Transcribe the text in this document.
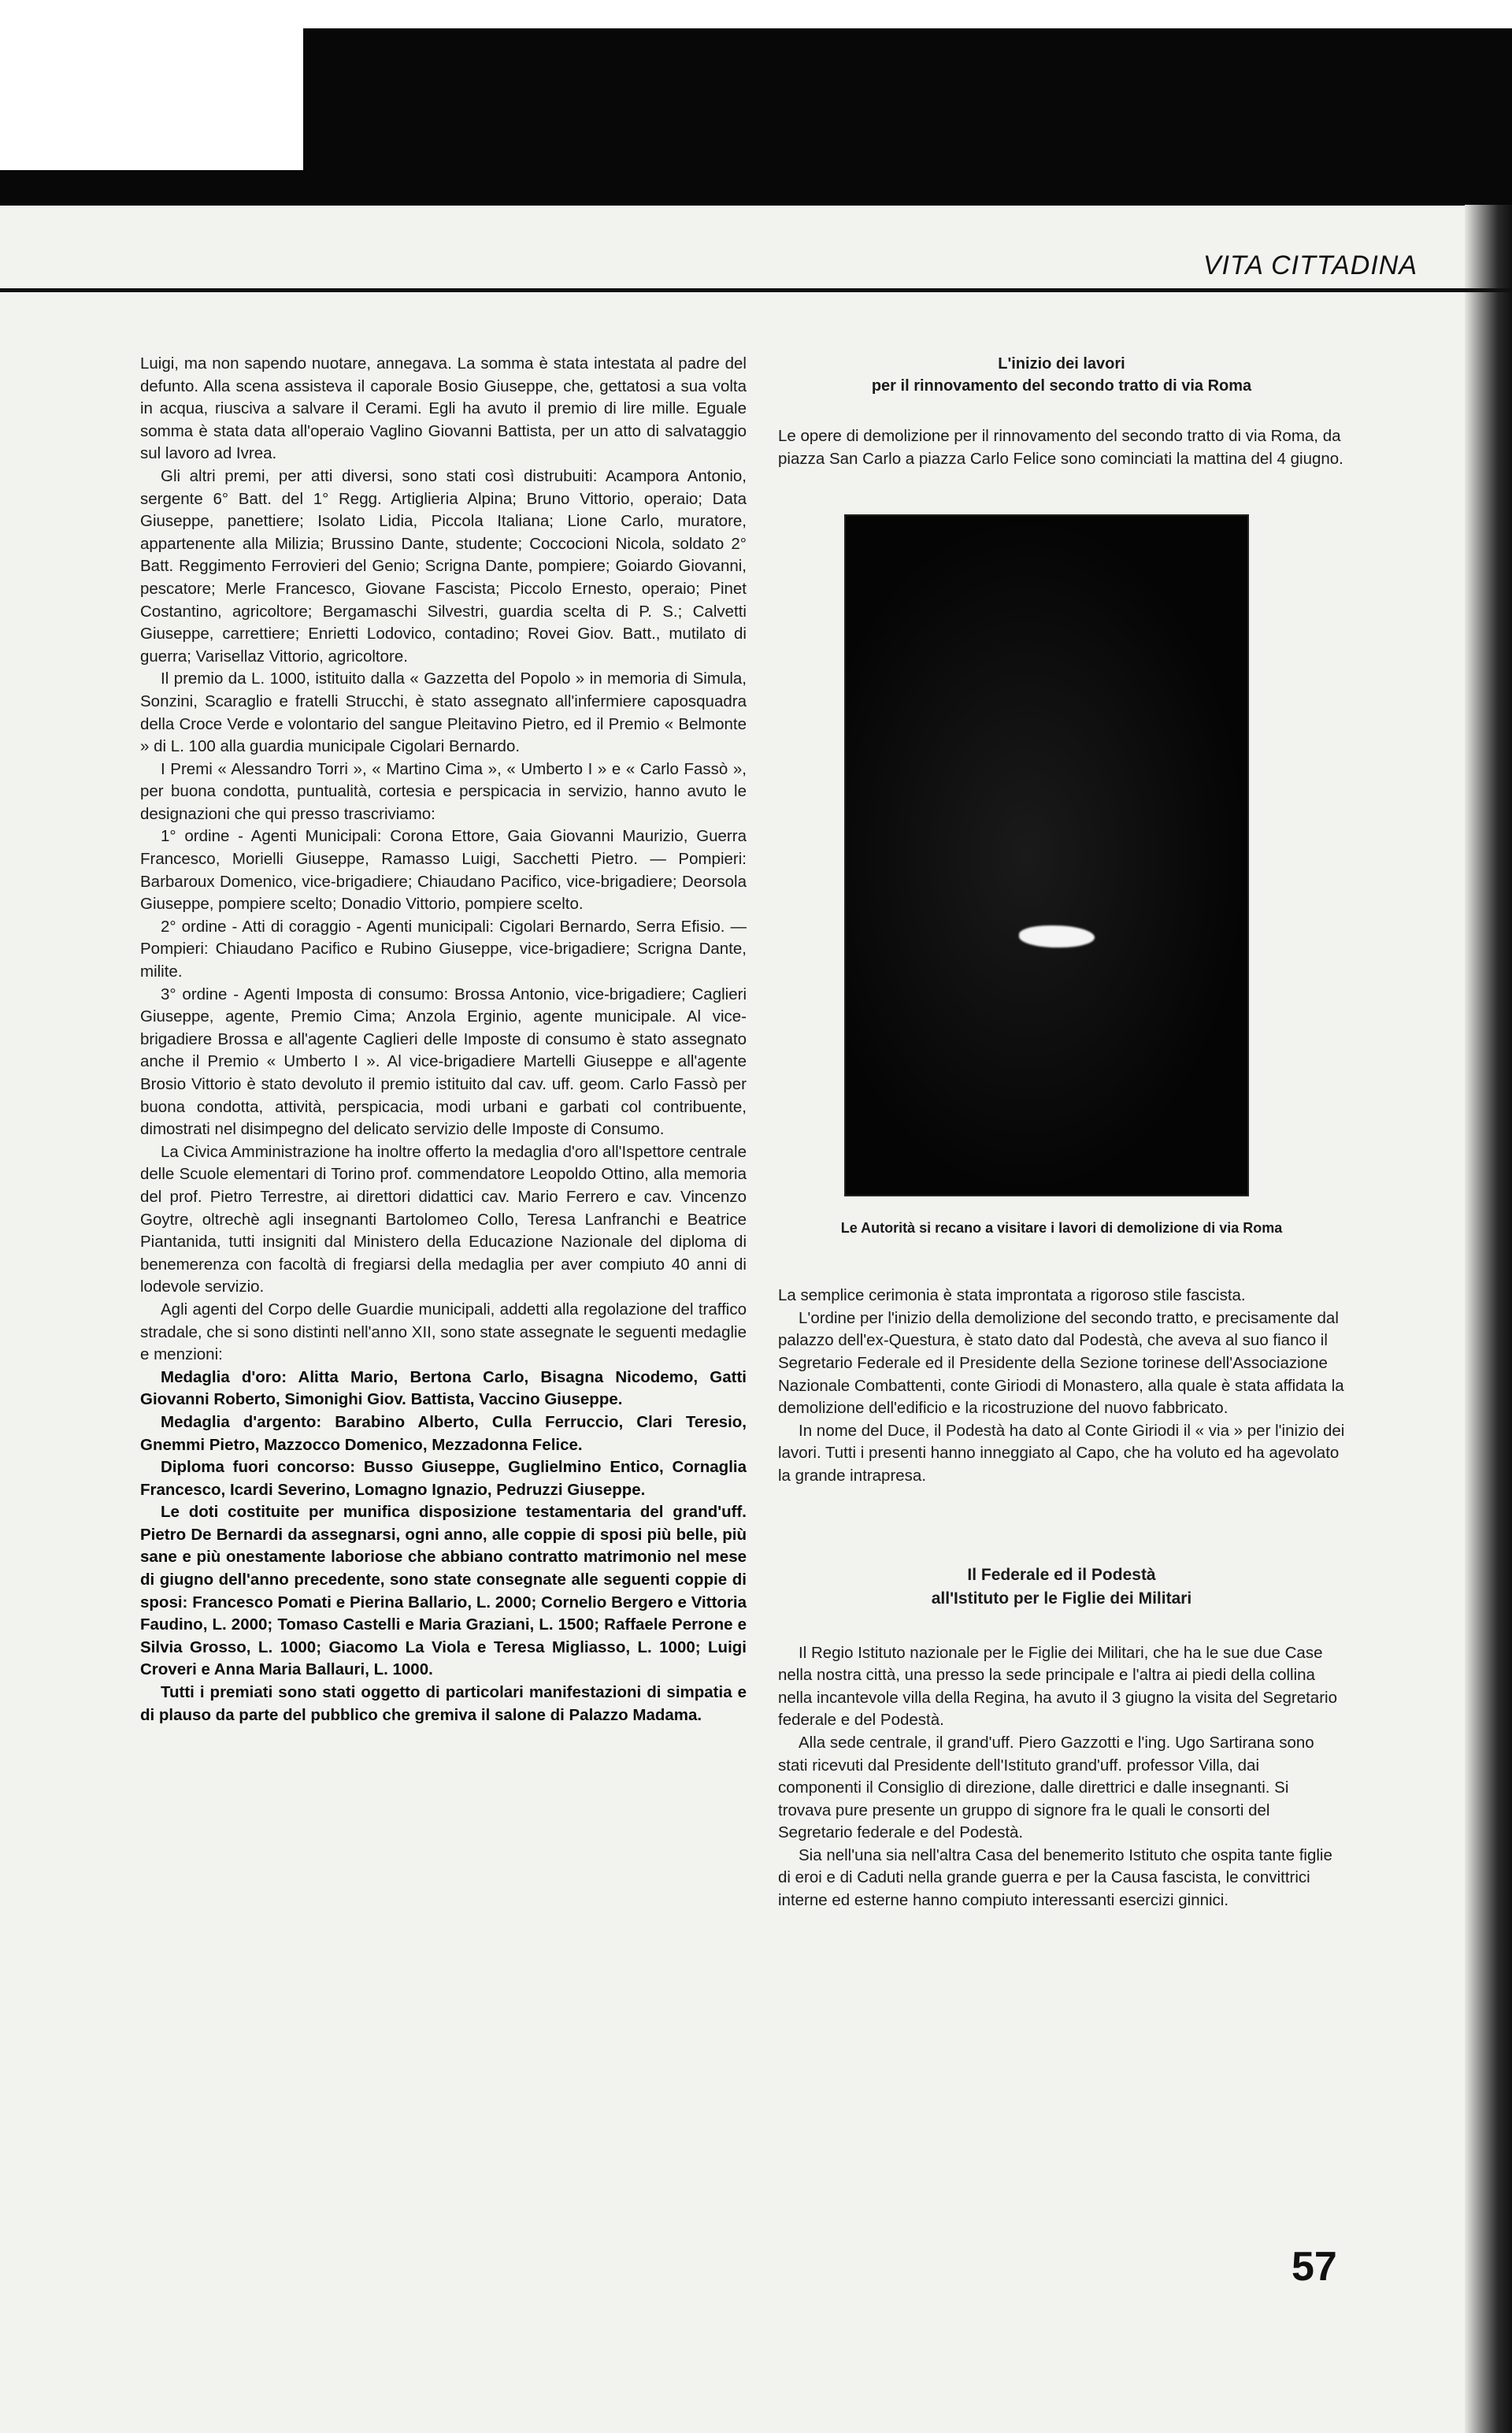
VITA CITTADINA

Luigi, ma non sapendo nuotare, annegava. La somma è stata intestata al padre del defunto. Alla scena assisteva il caporale Bosio Giuseppe, che, gettatosi a sua volta in acqua, riusciva a salvare il Cerami. Egli ha avuto il premio di lire mille. Eguale somma è stata data all'operaio Vaglino Giovanni Battista, per un atto di salvataggio sul lavoro ad Ivrea.

Gli altri premi, per atti diversi, sono stati così distrubuiti: Acampora Antonio, sergente 6° Batt. del 1° Regg. Artiglieria Alpina; Bruno Vittorio, operaio; Data Giuseppe, panettiere; Isolato Lidia, Piccola Italiana; Lione Carlo, muratore, appartenente alla Milizia; Brussino Dante, studente; Coccocioni Nicola, soldato 2° Batt. Reggimento Ferrovieri del Genio; Scrigna Dante, pompiere; Goiardo Giovanni, pescatore; Merle Francesco, Giovane Fascista; Piccolo Ernesto, operaio; Pinet Costantino, agricoltore; Bergamaschi Silvestri, guardia scelta di P. S.; Calvetti Giuseppe, carrettiere; Enrietti Lodovico, contadino; Rovei Giov. Batt., mutilato di guerra; Varisellaz Vittorio, agricoltore.

Il premio da L. 1000, istituito dalla « Gazzetta del Popolo » in memoria di Simula, Sonzini, Scaraglio e fratelli Strucchi, è stato assegnato all'infermiere caposquadra della Croce Verde e volontario del sangue Pleitavino Pietro, ed il Premio « Belmonte » di L. 100 alla guardia municipale Cigolari Bernardo.

I Premi « Alessandro Torri », « Martino Cima », « Umberto I » e « Carlo Fassò », per buona condotta, puntualità, cortesia e perspicacia in servizio, hanno avuto le designazioni che qui presso trascriviamo:

1° ordine - Agenti Municipali: Corona Ettore, Gaia Giovanni Maurizio, Guerra Francesco, Morielli Giuseppe, Ramasso Luigi, Sacchetti Pietro. — Pompieri: Barbaroux Domenico, vice-brigadiere; Chiaudano Pacifico, vice-brigadiere; Deorsola Giuseppe, pompiere scelto; Donadio Vittorio, pompiere scelto.

2° ordine - Atti di coraggio - Agenti municipali: Cigolari Bernardo, Serra Efisio. — Pompieri: Chiaudano Pacifico e Rubino Giuseppe, vice-brigadiere; Scrigna Dante, milite.

3° ordine - Agenti Imposta di consumo: Brossa Antonio, vice-brigadiere; Caglieri Giuseppe, agente, Premio Cima; Anzola Erginio, agente municipale. Al vice-brigadiere Brossa e all'agente Caglieri delle Imposte di consumo è stato assegnato anche il Premio « Umberto I ». Al vice-brigadiere Martelli Giuseppe e all'agente Brosio Vittorio è stato devoluto il premio istituito dal cav. uff. geom. Carlo Fassò per buona condotta, attività, perspicacia, modi urbani e garbati col contribuente, dimostrati nel disimpegno del delicato servizio delle Imposte di Consumo.

La Civica Amministrazione ha inoltre offerto la medaglia d'oro all'Ispettore centrale delle Scuole elementari di Torino prof. commendatore Leopoldo Ottino, alla memoria del prof. Pietro Terrestre, ai direttori didattici cav. Mario Ferrero e cav. Vincenzo Goytre, oltrechè agli insegnanti Bartolomeo Collo, Teresa Lanfranchi e Beatrice Piantanida, tutti insigniti dal Ministero della Educazione Nazionale del diploma di benemerenza con facoltà di fregiarsi della medaglia per aver compiuto 40 anni di lodevole servizio.

Agli agenti del Corpo delle Guardie municipali, addetti alla regolazione del traffico stradale, che si sono distinti nell'anno XII, sono state assegnate le seguenti medaglie e menzioni:

Medaglia d'oro: Alitta Mario, Bertona Carlo, Bisagna Nicodemo, Gatti Giovanni Roberto, Simonighi Giov. Battista, Vaccino Giuseppe.

Medaglia d'argento: Barabino Alberto, Culla Ferruccio, Clari Teresio, Gnemmi Pietro, Mazzocco Domenico, Mezzadonna Felice.

Diploma fuori concorso: Busso Giuseppe, Guglielmino Entico, Cornaglia Francesco, Icardi Severino, Lomagno Ignazio, Pedruzzi Giuseppe.

Le doti costituite per munifica disposizione testamentaria del grand'uff. Pietro De Bernardi da assegnarsi, ogni anno, alle coppie di sposi più belle, più sane e più onestamente laboriose che abbiano contratto matrimonio nel mese di giugno dell'anno precedente, sono state consegnate alle seguenti coppie di sposi: Francesco Pomati e Pierina Ballario, L. 2000; Cornelio Bergero e Vittoria Faudino, L. 2000; Tomaso Castelli e Maria Graziani, L. 1500; Raffaele Perrone e Silvia Grosso, L. 1000; Giacomo La Viola e Teresa Migliasso, L. 1000; Luigi Croveri e Anna Maria Ballauri, L. 1000.

Tutti i premiati sono stati oggetto di particolari manifestazioni di simpatia e di plauso da parte del pubblico che gremiva il salone di Palazzo Madama.

L'inizio dei lavori

per il rinnovamento del secondo tratto di via Roma

Le opere di demolizione per il rinnovamento del secondo tratto di via Roma, da piazza San Carlo a piazza Carlo Felice sono cominciati la mattina del 4 giugno.

Le Autorità si recano a visitare i lavori di demolizione di via Roma

La semplice cerimonia è stata improntata a rigoroso stile fascista.

L'ordine per l'inizio della demolizione del secondo tratto, e precisamente dal palazzo dell'ex-Questura, è stato dato dal Podestà, che aveva al suo fianco il Segretario Federale ed il Presidente della Sezione torinese dell'Associazione Nazionale Combattenti, conte Giriodi di Monastero, alla quale è stata affidata la demolizione dell'edificio e la ricostruzione del nuovo fabbricato.

In nome del Duce, il Podestà ha dato al Conte Giriodi il « via » per l'inizio dei lavori. Tutti i presenti hanno inneggiato al Capo, che ha voluto ed ha agevolato la grande intrapresa.

Il Federale ed il Podestà

all'Istituto per le Figlie dei Militari

Il Regio Istituto nazionale per le Figlie dei Militari, che ha le sue due Case nella nostra città, una presso la sede principale e l'altra ai piedi della collina nella incantevole villa della Regina, ha avuto il 3 giugno la visita del Segretario federale e del Podestà.

Alla sede centrale, il grand'uff. Piero Gazzotti e l'ing. Ugo Sartirana sono stati ricevuti dal Presidente dell'Istituto grand'uff. professor Villa, dai componenti il Consiglio di direzione, dalle direttrici e dalle insegnanti. Si trovava pure presente un gruppo di signore fra le quali le consorti del Segretario federale e del Podestà.

Sia nell'una sia nell'altra Casa del benemerito Istituto che ospita tante figlie di eroi e di Caduti nella grande guerra e per la Causa fascista, le convittrici interne ed esterne hanno compiuto interessanti esercizi ginnici.

57
